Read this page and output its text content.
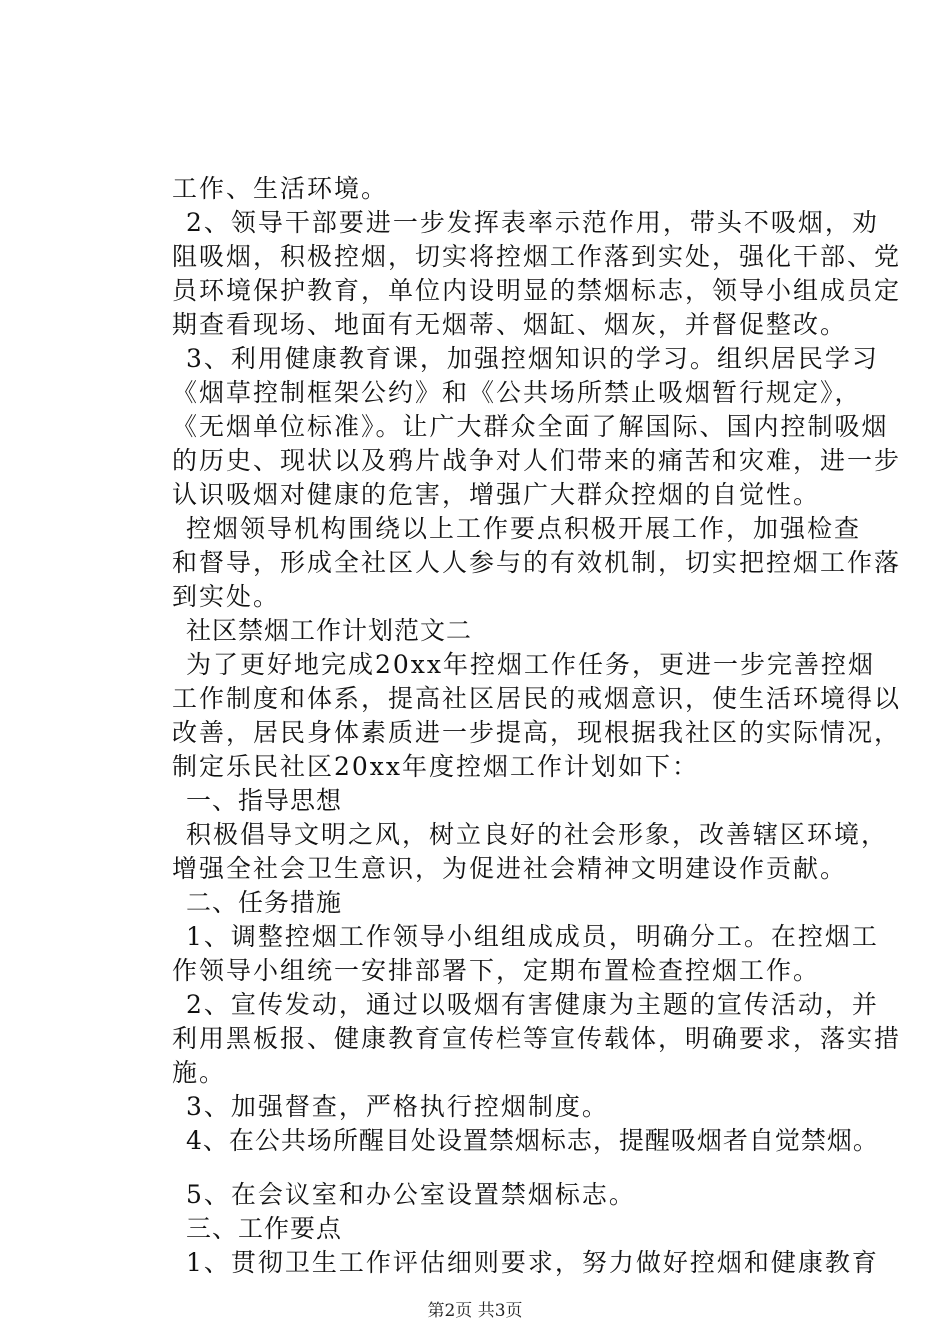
工作、生活环境。
2、领导干部要进一步发挥表率示范作用，带头不吸烟，劝
阻吸烟，积极控烟，切实将控烟工作落到实处，强化干部、党
员环境保护教育，单位内设明显的禁烟标志，领导小组成员定
期查看现场、地面有无烟蒂、烟缸、烟灰，并督促整改。
3、利用健康教育课，加强控烟知识的学习。组织居民学习
《烟草控制框架公约》和《公共场所禁止吸烟暂行规定》，
《无烟单位标准》。让广大群众全面了解国际、国内控制吸烟
的历史、现状以及鸦片战争对人们带来的痛苦和灾难，进一步
认识吸烟对健康的危害，增强广大群众控烟的自觉性。
控烟领导机构围绕以上工作要点积极开展工作，加强检查
和督导，形成全社区人人参与的有效机制，切实把控烟工作落
到实处。
社区禁烟工作计划范文二
为了更好地完成20xx年控烟工作任务，更进一步完善控烟
工作制度和体系，提高社区居民的戒烟意识，使生活环境得以
改善，居民身体素质进一步提高，现根据我社区的实际情况，
制定乐民社区20xx年度控烟工作计划如下：
一、指导思想
积极倡导文明之风，树立良好的社会形象，改善辖区环境，
增强全社会卫生意识，为促进社会精神文明建设作贡献。
二、任务措施
1、调整控烟工作领导小组组成成员，明确分工。在控烟工
作领导小组统一安排部署下，定期布置检查控烟工作。
2、宣传发动，通过以吸烟有害健康为主题的宣传活动，并
利用黑板报、健康教育宣传栏等宣传载体，明确要求，落实措
施。
3、加强督查，严格执行控烟制度。
4、在公共场所醒目处设置禁烟标志，提醒吸烟者自觉禁烟。
5、在会议室和办公室设置禁烟标志。
三、工作要点
1、贯彻卫生工作评估细则要求，努力做好控烟和健康教育
第2页 共3页
